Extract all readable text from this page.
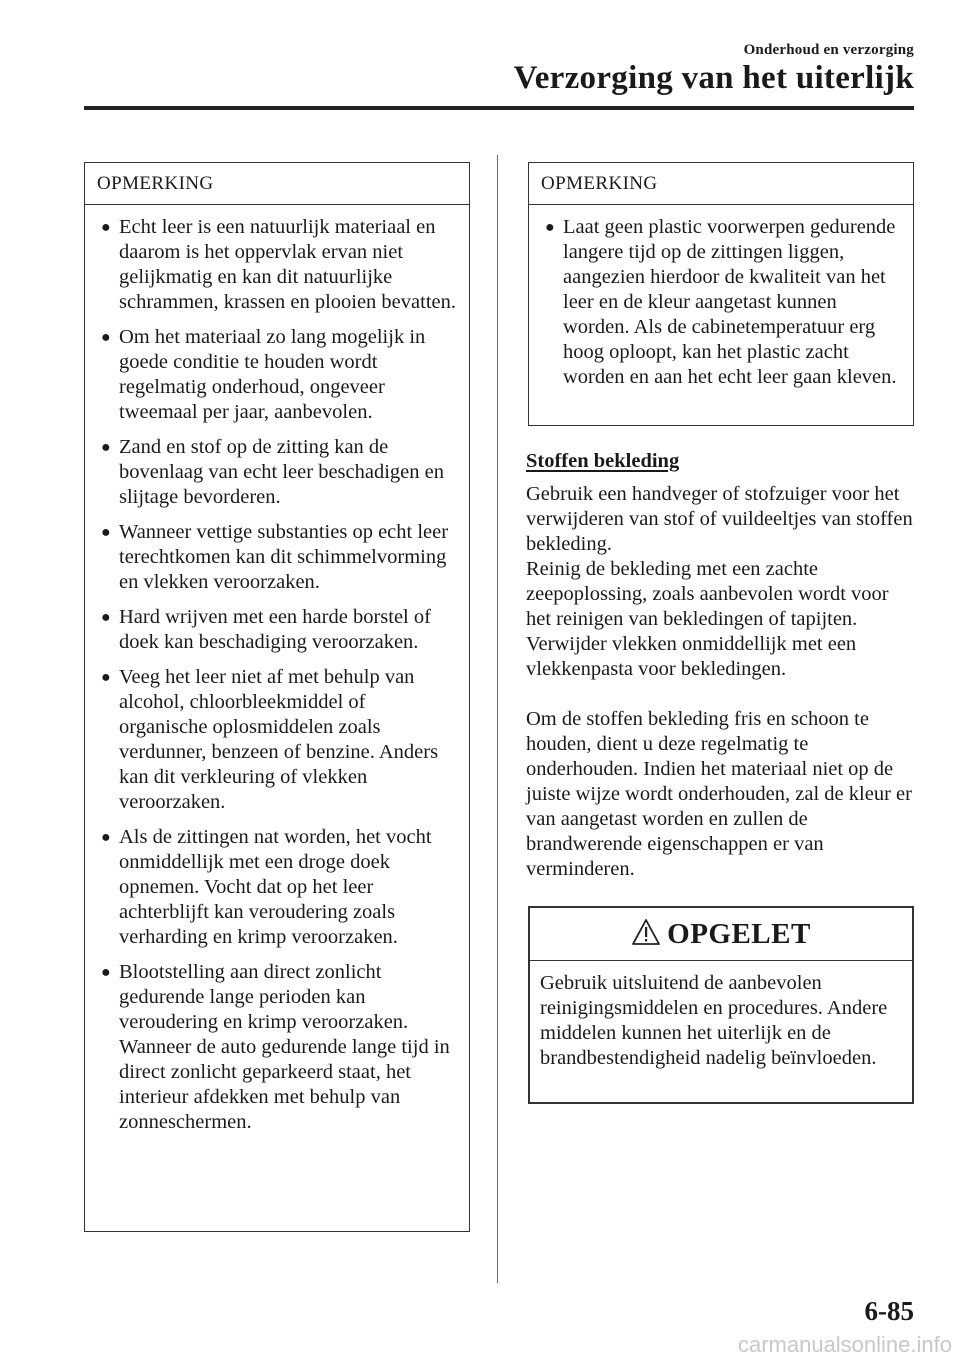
Onderhoud en verzorging
Verzorging van het uiterlijk
OPMERKING
● Echt leer is een natuurlijk materiaal en daarom is het oppervlak ervan niet gelijkmatig en kan dit natuurlijke schrammen, krassen en plooien bevatten.
● Om het materiaal zo lang mogelijk in goede conditie te houden wordt regelmatig onderhoud, ongeveer tweemaal per jaar, aanbevolen.
● Zand en stof op de zitting kan de bovenlaag van echt leer beschadigen en slijtage bevorderen.
● Wanneer vettige substanties op echt leer terechtkomen kan dit schimmelvorming en vlekken veroorzaken.
● Hard wrijven met een harde borstel of doek kan beschadiging veroorzaken.
● Veeg het leer niet af met behulp van alcohol, chloorbleekmiddel of organische oplosmiddelen zoals verdunner, benzeen of benzine. Anders kan dit verkleuring of vlekken veroorzaken.
● Als de zittingen nat worden, het vocht onmiddellijk met een droge doek opnemen. Vocht dat op het leer achterblijft kan veroudering zoals verharding en krimp veroorzaken.
● Blootstelling aan direct zonlicht gedurende lange perioden kan veroudering en krimp veroorzaken. Wanneer de auto gedurende lange tijd in direct zonlicht geparkeerd staat, het interieur afdekken met behulp van zonneschermen.
OPMERKING
● Laat geen plastic voorwerpen gedurende langere tijd op de zittingen liggen, aangezien hierdoor de kwaliteit van het leer en de kleur aangetast kunnen worden. Als de cabinetemperatuur erg hoog oploopt, kan het plastic zacht worden en aan het echt leer gaan kleven.
Stoffen bekleding

Gebruik een handveger of stofzuiger voor het verwijderen van stof of vuildeeltjes van stoffen bekleding.

Reinig de bekleding met een zachte zeepoplossing, zoals aanbevolen wordt voor het reinigen van bekledingen of tapijten. Verwijder vlekken onmiddellijk met een vlekkenpasta voor bekledingen.

Om de stoffen bekleding fris en schoon te houden, dient u deze regelmatig te onderhouden. Indien het materiaal niet op de juiste wijze wordt onderhouden, zal de kleur er van aangetast worden en zullen de brandwerende eigenschappen er van verminderen.

OPGELET
Gebruik uitsluitend de aanbevolen reinigingsmiddelen en procedures. Andere middelen kunnen het uiterlijk en de brandbestendigheid nadelig beïnvloeden.
6-85
carmanualsonline.info
